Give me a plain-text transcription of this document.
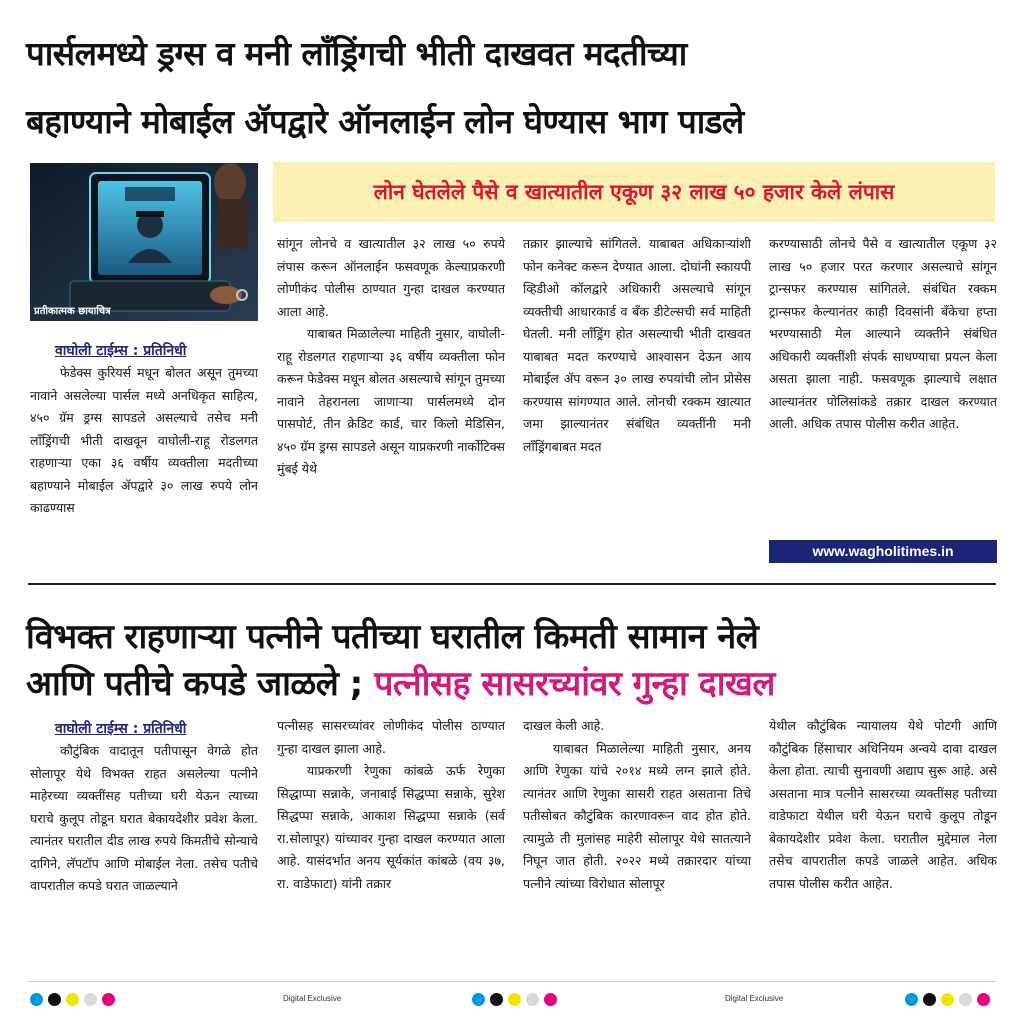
पार्सलमध्ये ड्रग्स व मनी लाँड्रिंगची भीती दाखवत मदतीच्या
बहाण्याने मोबाईल ॲपद्वारे ऑनलाईन लोन घेण्यास भाग पाडले
प्रतीकात्मक छायाचित्र
लोन घेतलेले पैसे व खात्यातील एकूण ३२ लाख ५० हजार केले लंपास
वाघोली टाईम्स : प्रतिनिधी

फेडेक्स कुरियर्स मधून बोलत असून तुमच्या नावाने असलेल्या पार्सल मध्ये अनधिकृत साहित्य, ४५० ग्रॅम ड्रग्स सापडले असल्याचे तसेच मनी लाँड्रिंगची भीती दाखवून वाघोली-राहू रोडलगत राहणाऱ्या एका ३६ वर्षीय व्यक्तीला मदतीच्या बहाण्याने मोबाईल ॲपद्वारे ३० लाख रुपये लोन काढण्यास

सांगून लोनचे व खात्यातील ३२ लाख ५० रुपये लंपास करून ऑनलाईन फसवणूक केल्याप्रकरणी लोणीकंद पोलीस ठाण्यात गुन्हा दाखल करण्यात आला आहे.

याबाबत मिळालेल्या माहिती नुसार, वाघोली-राहू रोडलगत राहणाऱ्या ३६ वर्षीय व्यक्तीला फोन करून फेडेक्स मधून बोलत असल्याचे सांगून तुमच्या नावाने तेहरानला जाणाऱ्या पार्सलमध्ये दोन पासपोर्ट, तीन क्रेडिट कार्ड, चार किलो मेडिसिन, ४५० ग्रॅम ड्रग्स सापडले असून याप्रकरणी नार्कोटिक्स मुंबई येथे

तक्रार झाल्याचे सांगितले. याबाबत अधिकाऱ्यांशी फोन कनेक्ट करून देण्यात आला. दोघांनी स्कायपी व्हिडीओ कॉलद्वारे अधिकारी असल्याचे सांगून व्यक्तीची आधारकार्ड व बँक डीटेल्सची सर्व माहिती घेतली. मनी लाँड्रिंग होत असल्याची भीती दाखवत याबाबत मदत करण्याचे आश्वासन देऊन आय मोबाईल ॲप वरून ३० लाख रुपयांची लोन प्रोसेस करण्यास सांगण्यात आले. लोनची रक्कम खात्यात जमा झाल्यानंतर संबंधित व्यक्तींनी मनी लाँड्रिंगबाबत मदत

करण्यासाठी लोनचे पैसे व खात्यातील एकूण ३२ लाख ५० हजार परत करणार असल्याचे सांगून ट्रान्सफर करण्यास सांगितले. संबंधित रक्कम ट्रान्सफर केल्यानंतर काही दिवसांनी बँकेचा हप्ता भरण्यासाठी मेल आल्याने व्यक्तीने संबंधित अधिकारी व्यक्तींशी संपर्क साधण्याचा प्रयत्न केला असता झाला नाही. फसवणूक झाल्याचे लक्षात आल्यानंतर पोलिसांकडे तक्रार दाखल करण्यात आली. अधिक तपास पोलीस करीत आहेत.

www.wagholitimes.in
विभक्त राहणाऱ्या पत्नीने पतीच्या घरातील किमती सामान नेले
आणि पतीचे कपडे जाळले ; पत्नीसह सासरच्यांवर गुन्हा दाखल
वाघोली टाईम्स : प्रतिनिधी

कौटुंबिक वादातून पतीपासून वेगळे होत सोलापूर येथे विभक्त राहत असलेल्या पत्नीने माहेरच्या व्यक्तींसह पतीच्या घरी येऊन त्याच्या घराचे कुलूप तोडून घरात बेकायदेशीर प्रवेश केला. त्यानंतर घरातील दीड लाख रुपये किमतीचे सोन्याचे दागिने, लॅपटॉप आणि मोबाईल नेला. तसेच पतीचे वापरातील कपडे घरात जाळल्याने

पत्नीसह सासरच्यांवर लोणीकंद पोलीस ठाण्यात गुन्हा दाखल झाला आहे.

याप्रकरणी रेणुका कांबळे ऊर्फ रेणुका सिद्धाप्पा सन्नाके, जनाबाई सिद्धप्पा सन्नाके, सुरेश सिद्धप्पा सन्नाके, आकाश सिद्धप्पा सन्नाके (सर्व रा.सोलापूर) यांच्यावर गुन्हा दाखल करण्यात आला आहे. यासंदर्भात अनय सूर्यकांत कांबळे (वय ३७, रा. वाडेफाटा) यांनी तक्रार

दाखल केली आहे.

याबाबत मिळालेल्या माहिती नुसार, अनय आणि रेणुका यांचे २०१४ मध्ये लग्न झाले होते. त्यानंतर आणि रेणुका सासरी राहत असताना तिचे पतीसोबत कौटुंबिक कारणावरून वाद होत होते. त्यामुळे ती मुलांसह माहेरी सोलापूर येथे सातत्याने निघून जात होती. २०२२ मध्ये तक्रारदार यांच्या पत्नीने त्यांच्या विरोधात सोलापूर

येथील कौटुंबिक न्यायालय येथे पोटगी आणि कौटुंबिक हिंसाचार अधिनियम अन्वये दावा दाखल केला होता. त्याची सुनावणी अद्याप सुरू आहे. असे असताना मात्र पत्नीने सासरच्या व्यक्तींसह पतीच्या वाडेफाटा येथील घरी येऊन घराचे कुलूप तोडून बेकायदेशीर प्रवेश केला. घरातील मुद्देमाल नेला तसेच वापरातील कपडे जाळले आहेत. अधिक तपास पोलीस करीत आहेत.

Digital Exclusive	Digital Exclusive
